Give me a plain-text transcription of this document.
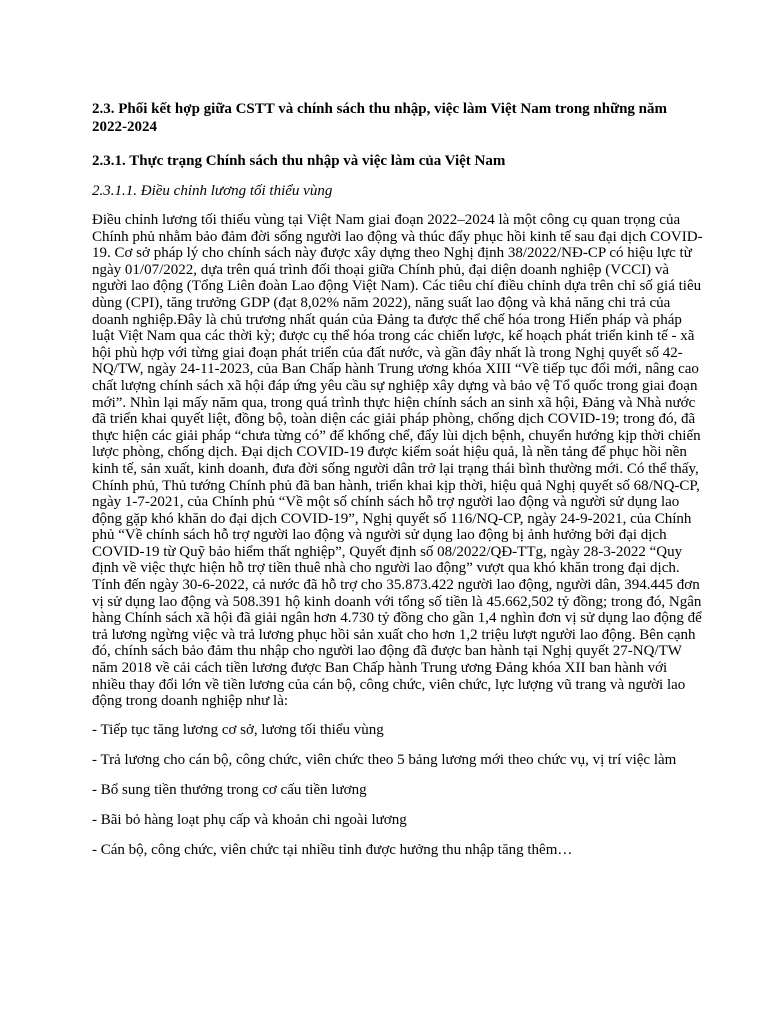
2.3. Phối kết hợp giữa CSTT và chính sách thu nhập, việc làm Việt Nam trong những năm 2022-2024
2.3.1. Thực trạng Chính sách thu nhập và việc làm của Việt Nam
2.3.1.1. Điều chỉnh lương tối thiểu vùng
Điều chỉnh lương tối thiểu vùng tại Việt Nam giai đoạn 2022–2024 là một công cụ quan trọng của Chính phủ nhằm bảo đảm đời sống người lao động và thúc đẩy phục hồi kinh tế sau đại dịch COVID-19. Cơ sở pháp lý cho chính sách này được xây dựng theo Nghị định 38/2022/NĐ-CP có hiệu lực từ ngày 01/07/2022, dựa trên quá trình đối thoại giữa Chính phủ, đại diện doanh nghiệp (VCCI) và người lao động (Tổng Liên đoàn Lao động Việt Nam). Các tiêu chí điều chỉnh dựa trên chỉ số giá tiêu dùng (CPI), tăng trưởng GDP (đạt 8,02% năm 2022), năng suất lao động và khả năng chi trả của doanh nghiệp.Đây là chủ trương nhất quán của Đảng ta được thể chế hóa trong Hiến pháp và pháp luật Việt Nam qua các thời kỳ; được cụ thể hóa trong các chiến lược, kế hoạch phát triển kinh tế - xã hội phù hợp với từng giai đoạn phát triển của đất nước, và gần đây nhất là trong Nghị quyết số 42-NQ/TW, ngày 24-11-2023, của Ban Chấp hành Trung ương khóa XIII “Về tiếp tục đổi mới, nâng cao chất lượng chính sách xã hội đáp ứng yêu cầu sự nghiệp xây dựng và bảo vệ Tổ quốc trong giai đoạn mới”. Nhìn lại mấy năm qua, trong quá trình thực hiện chính sách an sinh xã hội, Đảng và Nhà nước đã triển khai quyết liệt, đồng bộ, toàn diện các giải pháp phòng, chống dịch COVID-19; trong đó, đã thực hiện các giải pháp “chưa từng có” để khống chế, đẩy lùi dịch bệnh, chuyển hướng kịp thời chiến lược phòng, chống dịch. Đại dịch COVID-19 được kiểm soát hiệu quả, là nền tảng để phục hồi nền kinh tế, sản xuất, kinh doanh, đưa đời sống người dân trở lại trạng thái bình thường mới. Có thể thấy, Chính phủ, Thủ tướng Chính phủ đã ban hành, triển khai kịp thời, hiệu quả Nghị quyết số 68/NQ-CP, ngày 1-7-2021, của Chính phủ “Về một số chính sách hỗ trợ người lao động và người sử dụng lao động gặp khó khăn do đại dịch COVID-19”, Nghị quyết số 116/NQ-CP, ngày 24-9-2021, của Chính phủ “Về chính sách hỗ trợ người lao động và người sử dụng lao động bị ảnh hưởng bởi đại dịch COVID-19 từ Quỹ bảo hiểm thất nghiệp”, Quyết định số 08/2022/QĐ-TTg, ngày 28-3-2022 “Quy định về việc thực hiện hỗ trợ tiền thuê nhà cho người lao động” vượt qua khó khăn trong đại dịch. Tính đến ngày 30-6-2022, cả nước đã hỗ trợ cho 35.873.422 người lao động, người dân, 394.445 đơn vị sử dụng lao động và 508.391 hộ kinh doanh với tổng số tiền là 45.662,502 tỷ đồng; trong đó, Ngân hàng Chính sách xã hội đã giải ngân hơn 4.730 tỷ đồng cho gần 1,4 nghìn đơn vị sử dụng lao động để trả lương ngừng việc và trả lương phục hồi sản xuất cho hơn 1,2 triệu lượt người lao động. Bên cạnh đó, chính sách bảo đảm thu nhập cho người lao động đã được ban hành tại Nghị quyết 27-NQ/TW năm 2018 về cải cách tiền lương được Ban Chấp hành Trung ương Đảng khóa XII ban hành với nhiều thay đổi lớn về tiền lương của cán bộ, công chức, viên chức, lực lượng vũ trang và người lao động trong doanh nghiệp như là:
- Tiếp tục tăng lương cơ sở, lương tối thiểu vùng
- Trả lương cho cán bộ, công chức, viên chức theo 5 bảng lương mới theo chức vụ, vị trí việc làm
- Bổ sung tiền thưởng trong cơ cấu tiền lương
- Bãi bỏ hàng loạt phụ cấp và khoản chi ngoài lương
- Cán bộ, công chức, viên chức tại nhiều tỉnh được hưởng thu nhập tăng thêm…
